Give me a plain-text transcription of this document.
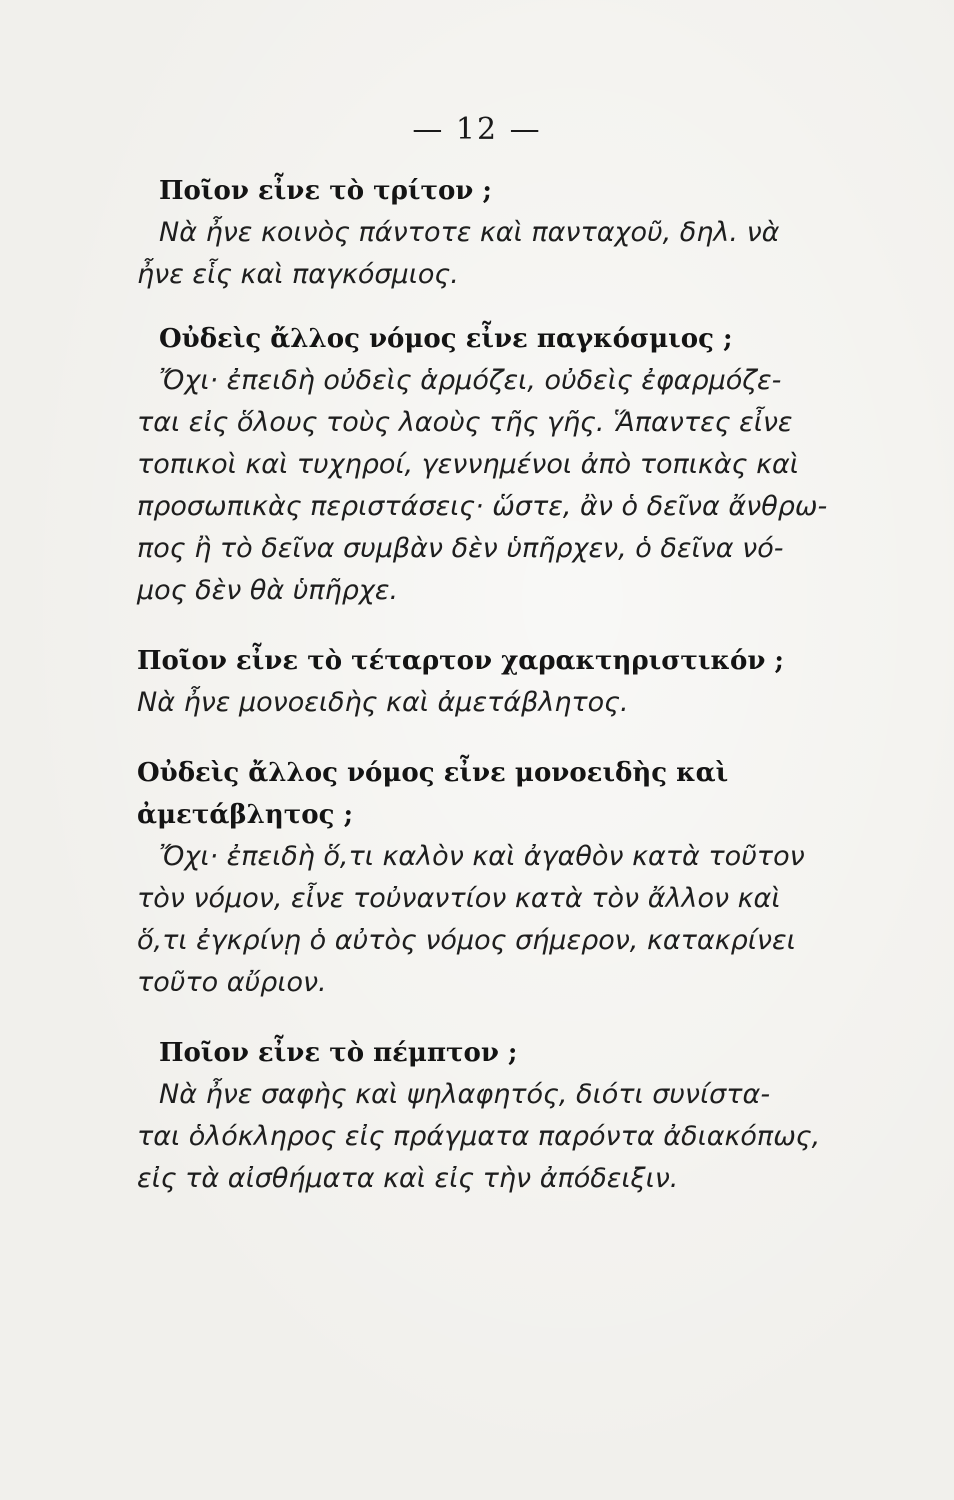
— 12 —

Ποῖον εἶνε τὸ τρίτον ;

Νὰ ἦνε κοινὸς πάντοτε καὶ πανταχοῦ, δηλ. νὰ
ἦνε εἷς καὶ παγκόσμιος.

Οὐδεὶς ἄλλος νόμος εἶνε παγκόσμιος ;

Ὄχι· ἐπειδὴ οὐδεὶς ἁρμόζει, οὐδεὶς ἐφαρμόζε-
ται εἰς ὅλους τοὺς λαοὺς τῆς γῆς. Ἅπαντες εἶνε
τοπικοὶ καὶ τυχηροί, γεννημένοι ἀπὸ τοπικὰς καὶ
προσωπικὰς περιστάσεις· ὥστε, ἂν ὁ δεῖνα ἄνθρω-
πος ἢ τὸ δεῖνα συμβὰν δὲν ὑπῆρχεν, ὁ δεῖνα νό-
μος δὲν θὰ ὑπῆρχε.

Ποῖον εἶνε τὸ τέταρτον χαρακτηριστικόν ;

Νὰ ἦνε μονοειδὴς καὶ ἀμετάβλητος.

Οὐδεὶς ἄλλος νόμος εἶνε μονοειδὴς καὶ
ἀμετάβλητος ;

Ὄχι· ἐπειδὴ ὅ,τι καλὸν καὶ ἀγαθὸν κατὰ τοῦτον
τὸν νόμον, εἶνε τοὐναντίον κατὰ τὸν ἄλλον καὶ
ὅ,τι ἐγκρίνῃ ὁ αὐτὸς νόμος σήμερον, κατακρίνει
τοῦτο αὔριον.

Ποῖον εἶνε τὸ πέμπτον ;

Νὰ ἦνε σαφὴς καὶ ψηλαφητός, διότι συνίστα-
ται ὁλόκληρος εἰς πράγματα παρόντα ἀδιακόπως,
εἰς τὰ αἰσθήματα καὶ εἰς τὴν ἀπόδειξιν.
